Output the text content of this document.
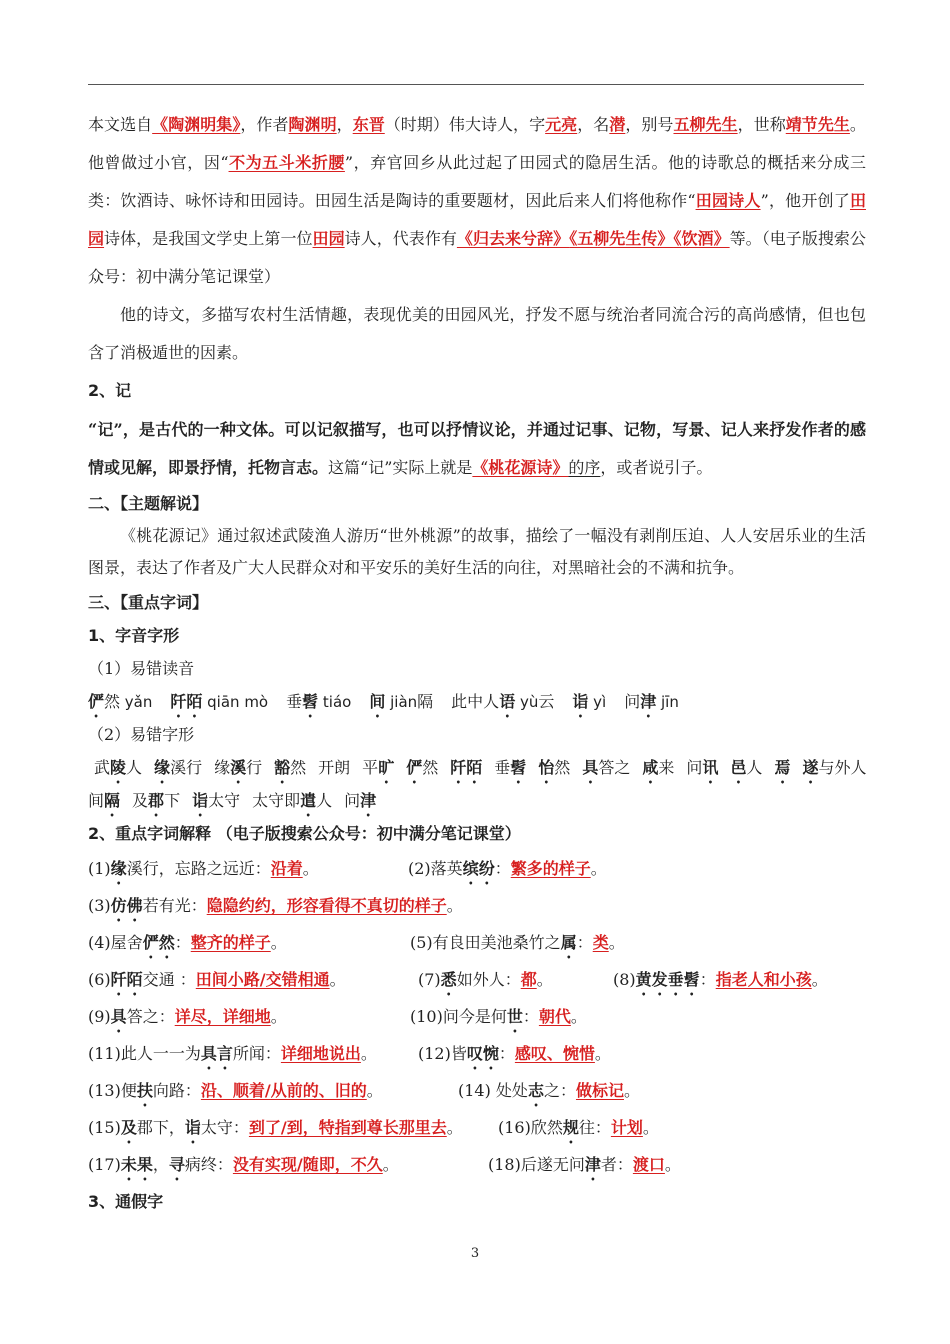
本文选自《陶渊明集》，作者陶渊明，东晋（时期）伟大诗人，字元亮，名潜，别号五柳先生，世称靖节先生。他曾做过小官，因“不为五斗米折腰”，弃官回乡从此过起了田园式的隐居生活。他的诗歌总的概括来分成三类：饮酒诗、咏怀诗和田园诗。田园生活是陶诗的重要题材，因此后来人们将他称作“田园诗人”，他开创了田园诗体，是我国文学史上第一位田园诗人，代表作有《归去来兮辞》《五柳先生传》《饮酒》等。（电子版搜索公众号：初中满分笔记课堂）

他的诗文，多描写农村生活情趣，表现优美的田园风光，抒发不愿与统治者同流合污的高尚感情，但也包含了消极遁世的因素。

2、记

“记”，是古代的一种文体。可以记叙描写，也可以抒情议论，并通过记事、记物，写景、记人来抒发作者的感情或见解，即景抒情，托物言志。这篇“记”实际上就是《桃花源诗》的序，或者说引子。

二、【主题解说】

《桃花源记》通过叙述武陵渔人游历“世外桃源”的故事，描绘了一幅没有剥削压迫、人人安居乐业的生活图景，表达了作者及广大人民群众对和平安乐的美好生活的向往，对黑暗社会的不满和抗争。

三、【重点字词】
1、字音字形
（1）易错读音
俨然 yǎn 阡陌 qiān mò 垂髫 tiáo 间 jiàn隔 此中人语 yù云 诣 yì 问津 jīn
（2）易错字形
武陵人 缘溪行 缘溪行 豁然 开朗 平旷 俨然 阡陌 垂髫 怡然 具答之 咸来 问讯 邑人 焉 遂与外人
间隔 及郡下 诣太守 太守即遣人 问津
2、重点字词解释 （电子版搜索公众号：初中满分笔记课堂）
(1)缘溪行，忘路之远近：沿着。	(2)落英缤纷：繁多的样子。
(3)仿佛若有光：隐隐约约，形容看得不真切的样子。
(4)屋舍俨然：整齐的样子。	(5)有良田美池桑竹之属：类。
(6)阡陌交通 ：田间小路/交错相通。	(7)悉如外人：都。	(8)黄发垂髫：指老人和小孩。
(9)具答之：详尽，详细地。	(10)问今是何世：朝代。
(11)此人一一为具言所闻：详细地说出。	(12)皆叹惋：感叹、惋惜。
(13)便扶向路：沿、顺着/从前的、旧的。	(14) 处处志之：做标记。
(15)及郡下，诣太守：到了/到，特指到尊长那里去。 (16)欣然规往：计划。
(17)未果，寻病终：没有实现/随即，不久。	(18)后遂无问津者：渡口。
3、通假字
3
